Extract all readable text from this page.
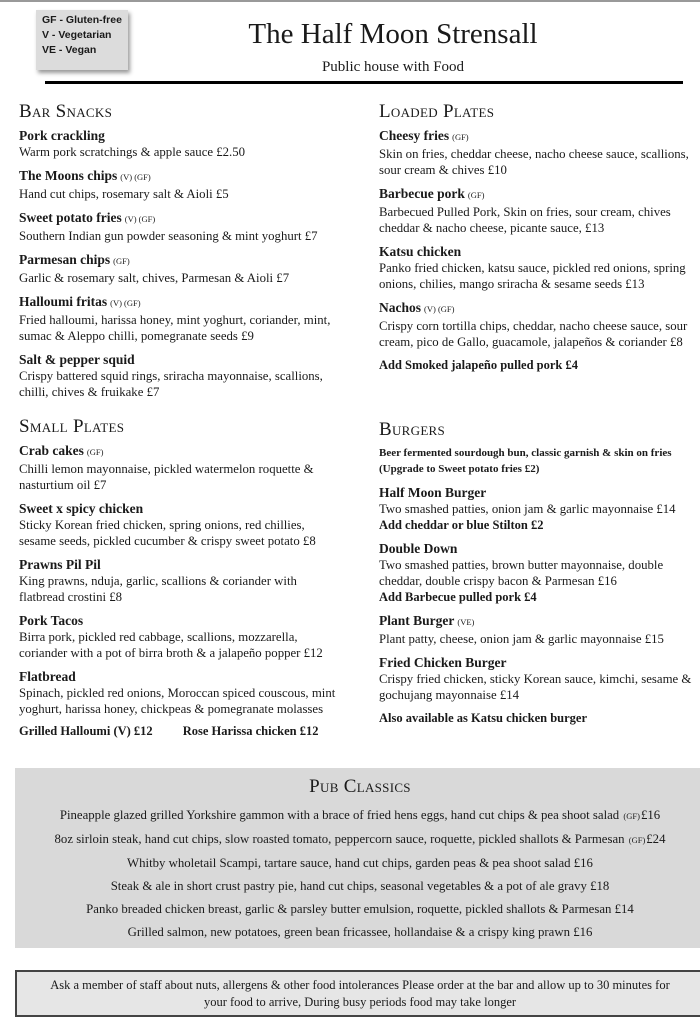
GF - Gluten-free
V - Vegetarian
VE - Vegan	The Half Moon Strensall
Public house with Food
Bar Snacks
Pork crackling
Warm pork scratchings & apple sauce £2.50
The Moons chips (V) (GF)
Hand cut chips, rosemary salt & Aioli £5
Sweet potato fries (V) (GF)
Southern Indian gun powder seasoning & mint yoghurt £7
Parmesan chips (GF)
Garlic & rosemary salt, chives, Parmesan & Aioli £7
Halloumi fritas (V) (GF)
Fried halloumi, harissa honey, mint yoghurt, coriander, mint,
sumac & Aleppo chilli, pomegranate seeds £9
Salt & pepper squid
Crispy battered squid rings, sriracha mayonnaise, scallions,
chilli, chives & fruikake £7
Small Plates
Crab cakes (GF)
Chilli lemon mayonnaise, pickled watermelon roquette &
nasturtium oil £7
Sweet x spicy chicken
Sticky Korean fried chicken, spring onions, red chillies,
sesame seeds, pickled cucumber & crispy sweet potato £8
Prawns Pil Pil
King prawns, nduja, garlic, scallions & coriander with
flatbread crostini £8
Pork Tacos
Birra pork, pickled red cabbage, scallions, mozzarella,
coriander with a pot of birra broth & a jalapeño popper £12
Flatbread
Spinach, pickled red onions, Moroccan spiced couscous, mint
yoghurt, harissa honey, chickpeas & pomegranate molasses
Grilled Halloumi (V) £12 Rose Harissa chicken £12
Loaded Plates
Cheesy fries (GF)
Skin on fries, cheddar cheese, nacho cheese sauce, scallions,
sour cream & chives £10
Barbecue pork (GF)
Barbecued Pulled Pork, Skin on fries, sour cream, chives
cheddar & nacho cheese, picante sauce, £13
Katsu chicken
Panko fried chicken, katsu sauce, pickled red onions, spring
onions, chilies, mango sriracha & sesame seeds £13
Nachos (V) (GF)
Crispy corn tortilla chips, cheddar, nacho cheese sauce, sour
cream, pico de Gallo, guacamole, jalapeños & coriander £8
Add Smoked jalapeño pulled pork £4
Burgers
Beer fermented sourdough bun, classic garnish & skin on fries
(Upgrade to Sweet potato fries £2)
Half Moon Burger
Two smashed patties, onion jam & garlic mayonnaise £14
Add cheddar or blue Stilton £2
Double Down
Two smashed patties, brown butter mayonnaise, double
cheddar, double crispy bacon & Parmesan £16
Add Barbecue pulled pork £4
Plant Burger (VE)
Plant patty, cheese, onion jam & garlic mayonnaise £15
Fried Chicken Burger
Crispy fried chicken, sticky Korean sauce, kimchi, sesame &
gochujang mayonnaise £14
Also available as Katsu chicken burger
Pub Classics
Pineapple glazed grilled Yorkshire gammon with a brace of fried hens eggs, hand cut chips & pea shoot salad (GF)£16
8oz sirloin steak, hand cut chips, slow roasted tomato, peppercorn sauce, roquette, pickled shallots & Parmesan (GF)£24
Whitby wholetail Scampi, tartare sauce, hand cut chips, garden peas & pea shoot salad £16
Steak & ale in short crust pastry pie, hand cut chips, seasonal vegetables & a pot of ale gravy £18
Panko breaded chicken breast, garlic & parsley butter emulsion, roquette, pickled shallots & Parmesan £14
Grilled salmon, new potatoes, green bean fricassee, hollandaise & a crispy king prawn £16
Ask a member of staff about nuts, allergens & other food intolerances Please order at the bar and allow up to 30 minutes for
your food to arrive, During busy periods food may take longer
